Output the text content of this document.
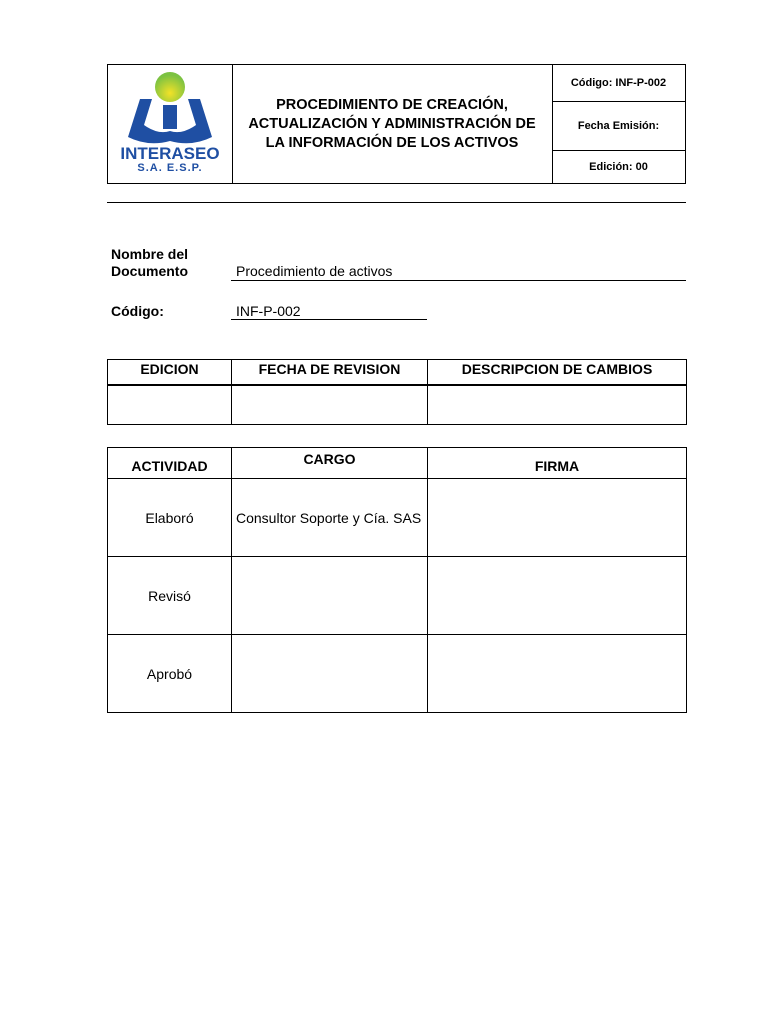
INTERASEO
S.A. E.S.P.
PROCEDIMIENTO DE CREACIÓN,
ACTUALIZACIÓN Y ADMINISTRACIÓN DE
LA INFORMACIÓN DE LOS ACTIVOS
Código: INF-P-002
Fecha Emisión:
Edición: 00
Nombre del
Documento	Procedimiento de activos
Código:	INF-P-002
EDICION	FECHA DE REVISION	DESCRIPCION DE CAMBIOS

ACTIVIDAD	CARGO	FIRMA
Elaboró	Consultor Soporte y Cía. SAS	
Revisó		
Aprobó		
